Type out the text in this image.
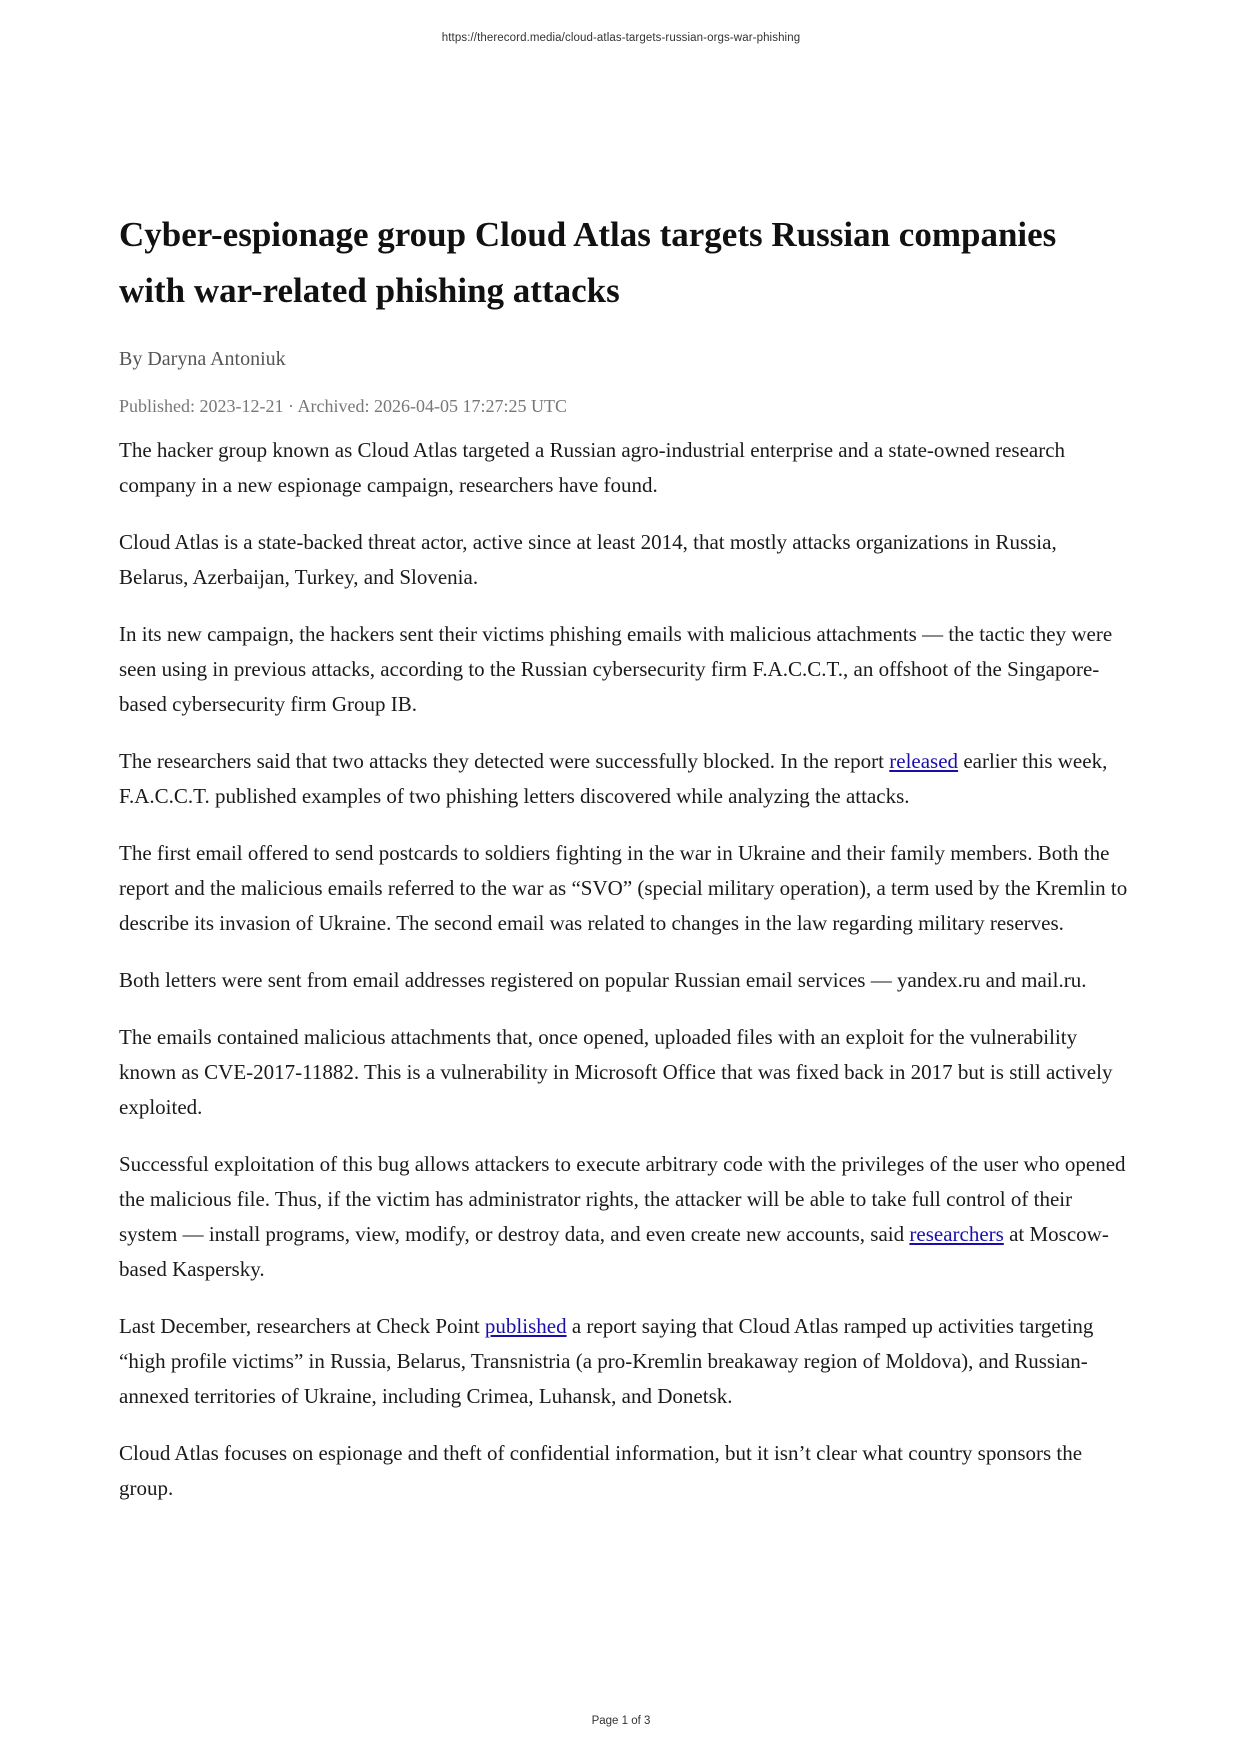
https://therecord.media/cloud-atlas-targets-russian-orgs-war-phishing
Cyber-espionage group Cloud Atlas targets Russian companies with war-related phishing attacks
By Daryna Antoniuk
Published: 2023-12-21 · Archived: 2026-04-05 17:27:25 UTC

The hacker group known as Cloud Atlas targeted a Russian agro-industrial enterprise and a state-owned research company in a new espionage campaign, researchers have found.

Cloud Atlas is a state-backed threat actor, active since at least 2014, that mostly attacks organizations in Russia, Belarus, Azerbaijan, Turkey, and Slovenia.

In its new campaign, the hackers sent their victims phishing emails with malicious attachments — the tactic they were seen using in previous attacks, according to the Russian cybersecurity firm F.A.C.C.T., an offshoot of the Singapore-based cybersecurity firm Group IB.

The researchers said that two attacks they detected were successfully blocked. In the report released earlier this week, F.A.C.C.T. published examples of two phishing letters discovered while analyzing the attacks.

The first email offered to send postcards to soldiers fighting in the war in Ukraine and their family members. Both the report and the malicious emails referred to the war as “SVO” (special military operation), a term used by the Kremlin to describe its invasion of Ukraine. The second email was related to changes in the law regarding military reserves.

Both letters were sent from email addresses registered on popular Russian email services — yandex.ru and mail.ru.

The emails contained malicious attachments that, once opened, uploaded files with an exploit for the vulnerability known as CVE-2017-11882. This is a vulnerability in Microsoft Office that was fixed back in 2017 but is still actively exploited.

Successful exploitation of this bug allows attackers to execute arbitrary code with the privileges of the user who opened the malicious file. Thus, if the victim has administrator rights, the attacker will be able to take full control of their system — install programs, view, modify, or destroy data, and even create new accounts, said researchers at Moscow-based Kaspersky.

Last December, researchers at Check Point published a report saying that Cloud Atlas ramped up activities targeting “high profile victims” in Russia, Belarus, Transnistria (a pro-Kremlin breakaway region of Moldova), and Russian-annexed territories of Ukraine, including Crimea, Luhansk, and Donetsk.

Cloud Atlas focuses on espionage and theft of confidential information, but it isn’t clear what country sponsors the group.

Page 1 of 3
